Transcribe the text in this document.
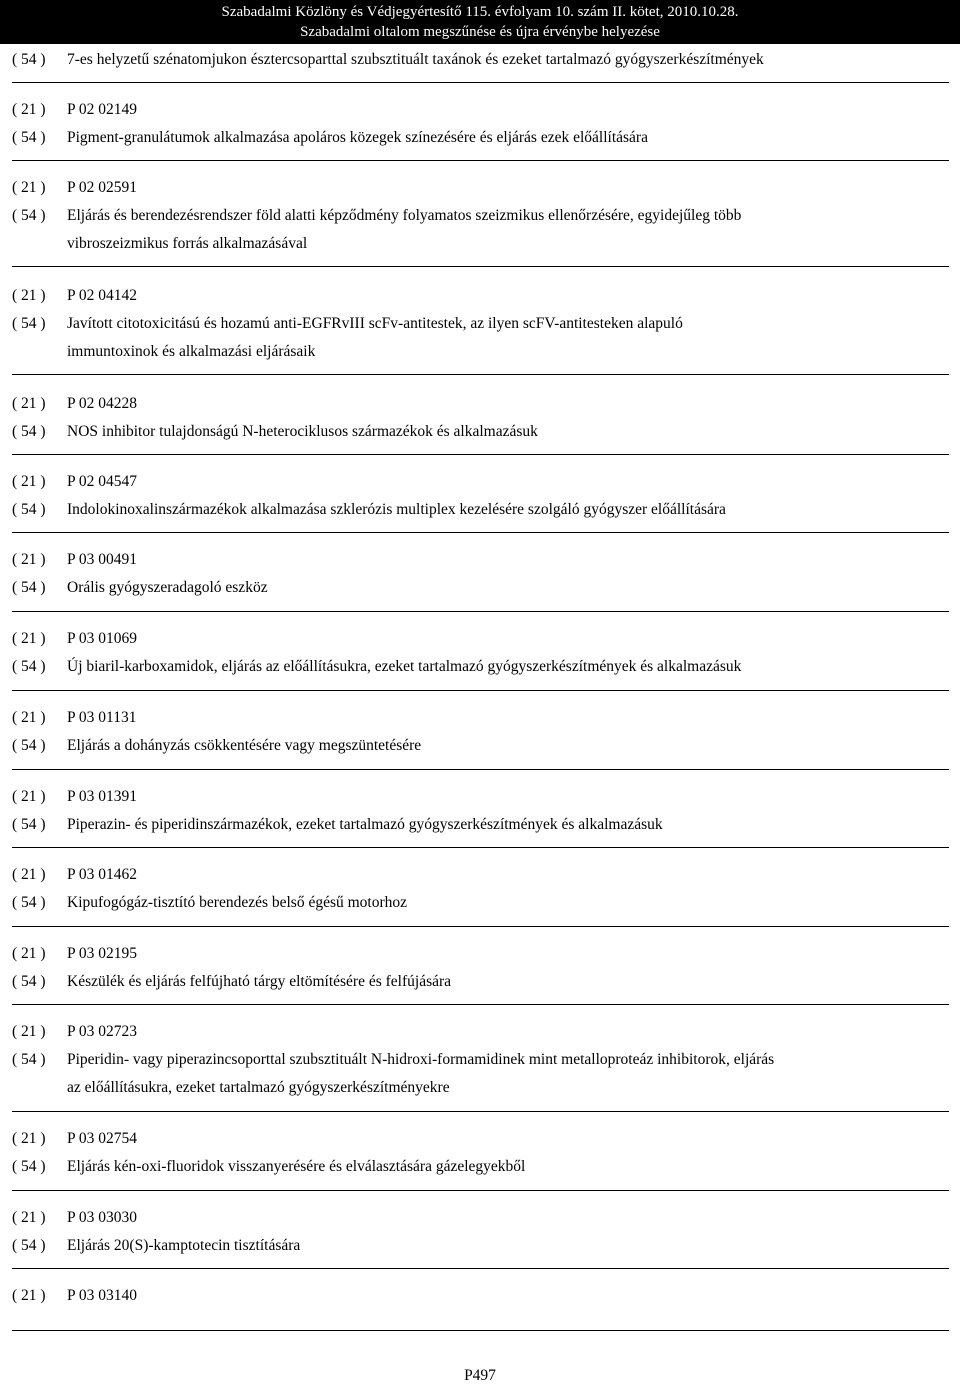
Szabadalmi Közlöny és Védjegyértesítő 115. évfolyam 10. szám II. kötet, 2010.10.28.
Szabadalmi oltalom megszűnése és újra érvénybe helyezése
( 54 )	7-es helyzetű szénatomjukon észtercsoparttal szubsztituált taxánok és ezeket tartalmazó gyógyszerkészítmények
( 21 )	P 02 02149
( 54 )	Pigment-granulátumok alkalmazása apoláros közegek színezésére és eljárás ezek előállítására
( 21 )	P 02 02591
( 54 )	Eljárás és berendezésrendszer föld alatti képződmény folyamatos szeizmikus ellenőrzésére, egyidejűleg több
vibroszeizmikus forrás alkalmazásával
( 21 )	P 02 04142
( 54 )	Javított citotoxicitású és hozamú anti-EGFRvIII scFv-antitestek, az ilyen scFV-antitesteken alapuló
immuntoxinok és alkalmazási eljárásaik
( 21 )	P 02 04228
( 54 )	NOS inhibitor tulajdonságú N-heterociklusos származékok és alkalmazásuk
( 21 )	P 02 04547
( 54 )	Indolokinoxalinszármazékok alkalmazása szklerózis multiplex kezelésére szolgáló gyógyszer előállítására
( 21 )	P 03 00491
( 54 )	Orális gyógyszeradagoló eszköz
( 21 )	P 03 01069
( 54 )	Új biaril-karboxamidok, eljárás az előállításukra, ezeket tartalmazó gyógyszerkészítmények és alkalmazásuk
( 21 )	P 03 01131
( 54 )	Eljárás a dohányzás csökkentésére vagy megszüntetésére
( 21 )	P 03 01391
( 54 )	Piperazin- és piperidinszármazékok, ezeket tartalmazó gyógyszerkészítmények és alkalmazásuk
( 21 )	P 03 01462
( 54 )	Kipufogógáz-tisztító berendezés belső égésű motorhoz
( 21 )	P 03 02195
( 54 )	Készülék és eljárás felfújható tárgy eltömítésére és felfújására
( 21 )	P 03 02723
( 54 )	Piperidin- vagy piperazincsoporttal szubsztituált N-hidroxi-formamidinek mint metalloproteáz inhibitorok, eljárás
az előállításukra, ezeket tartalmazó gyógyszerkészítményekre
( 21 )	P 03 02754
( 54 )	Eljárás kén-oxi-fluoridok visszanyerésére és elválasztására gázelegyekből
( 21 )	P 03 03030
( 54 )	Eljárás 20(S)-kamptotecin tisztítására
( 21 )	P 03 03140
P497
